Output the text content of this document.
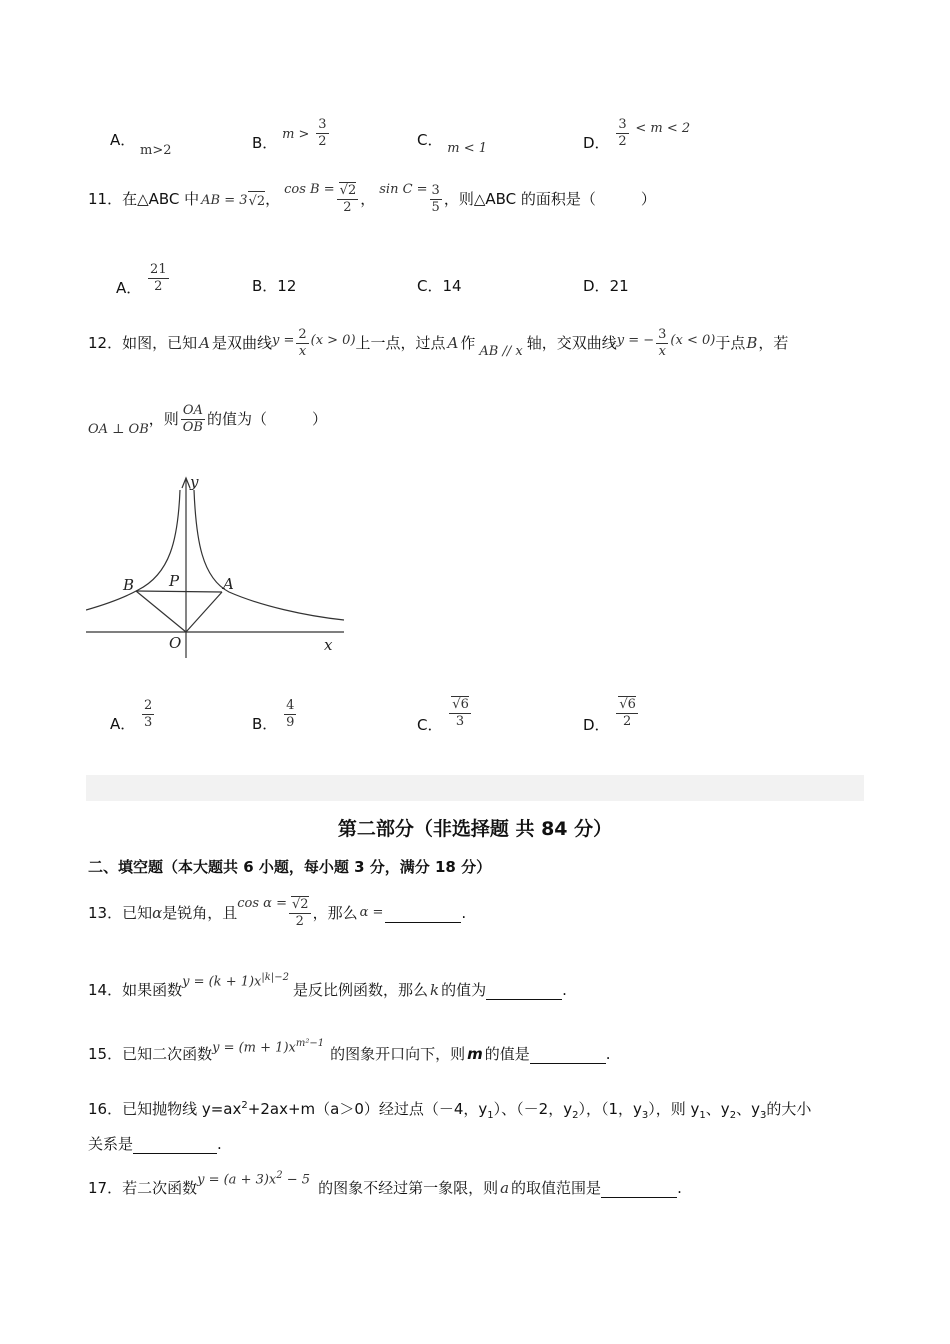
A． m>2	B． $m > \frac{3}{2}$	C． m < 1	D． $\frac{3}{2} < m < 2$
11． 在△ABC 中 AB = 3 √ 2 ，
cos B = √ $\frac{2}{2}$ ，
$\sin C = \frac{3}{5}$ ，则△ABC 的面积是（　　　）
A． $\frac{21}{2}$	B．12	C．14	D．21
12． 如图，已知 A 是双曲线 $y = \frac{2}{x} (x > 0)$ 上一点，过点 A 作 AB // x 轴，交双曲线 y = − $\frac{3}{x} (x < 0)$ 于点 B ，若
OA ⊥ OB
，则 $\frac{OA}{OB}$ 的值为（　　　）
y
x
B P	A
O
A． $\frac{2}{3}$	B． $\frac{4}{9}$	C． √ $\frac{6}{3}$	D． √ $\frac{6}{2}$
第二部分（非选择题 共 84 分）
二、填空题（本大题共 6 小题，每小题 3 分，满分 18 分）
13． 已知 α 是锐角，且
cos α = √ $\frac{2}{2}$ ，那么 α =	.
14． 如果函数 $y = (k + 1)x^{|k|-2}$
是反比例函数，那么 k 的值为	.
15． 已知二次函数 $y = (m + 1)x^{m^2-1}$
的图象开口向下，则 m 的值是	.
16．已知抛物线 $y=ax^2+2ax+m(a>0)$经过点（－4，$y_1$）、（－2，$y_2$），（1，$y_3$），则 $y_1$、$y_2$、$y_3$的大小
关系是	.
17． 若二次函数 $y = (a + 3)x^2 - 5$ 的图象不经过第一象限，则 a 的取值范围是	.
